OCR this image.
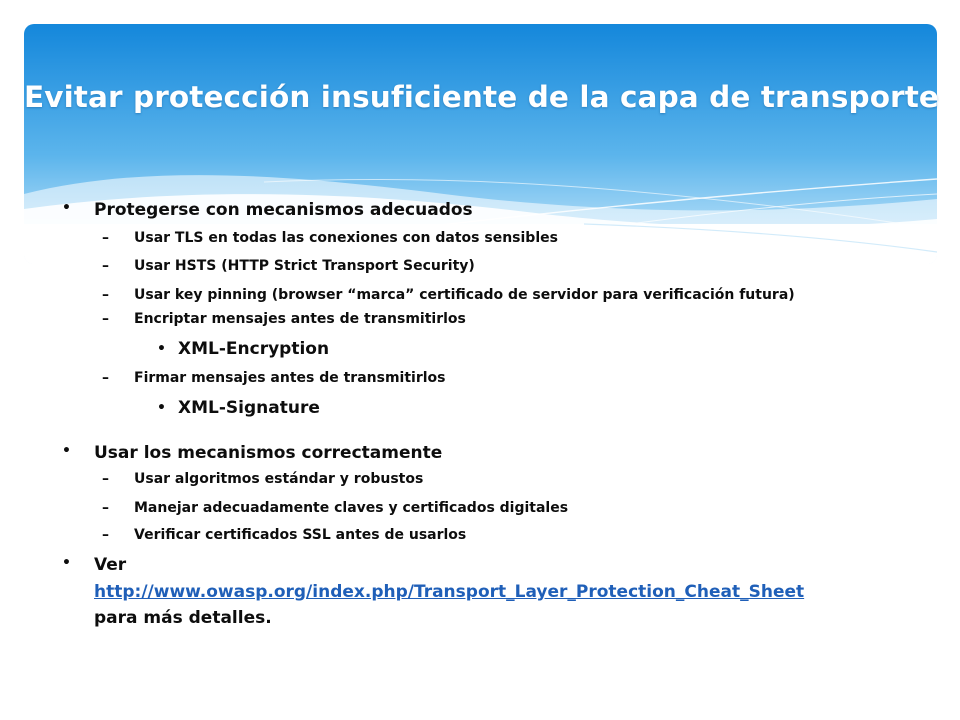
Evitar protección insuficiente de la capa de transporte
• Protegerse con mecanismos adecuados
– Usar TLS en todas las conexiones con datos sensibles
– Usar HSTS (HTTP Strict Transport Security)
– Usar key pinning (browser “marca” certificado de servidor para verificación futura)
– Encriptar mensajes antes de transmitirlos
• XML-Encryption
– Firmar mensajes antes de transmitirlos
• XML-Signature
• Usar los mecanismos correctamente
– Usar algoritmos estándar y robustos
– Manejar adecuadamente claves y certificados digitales
– Verificar certificados SSL antes de usarlos
• Ver
http://www.owasp.org/index.php/Transport_Layer_Protection_Cheat_Sheet
para más detalles.
